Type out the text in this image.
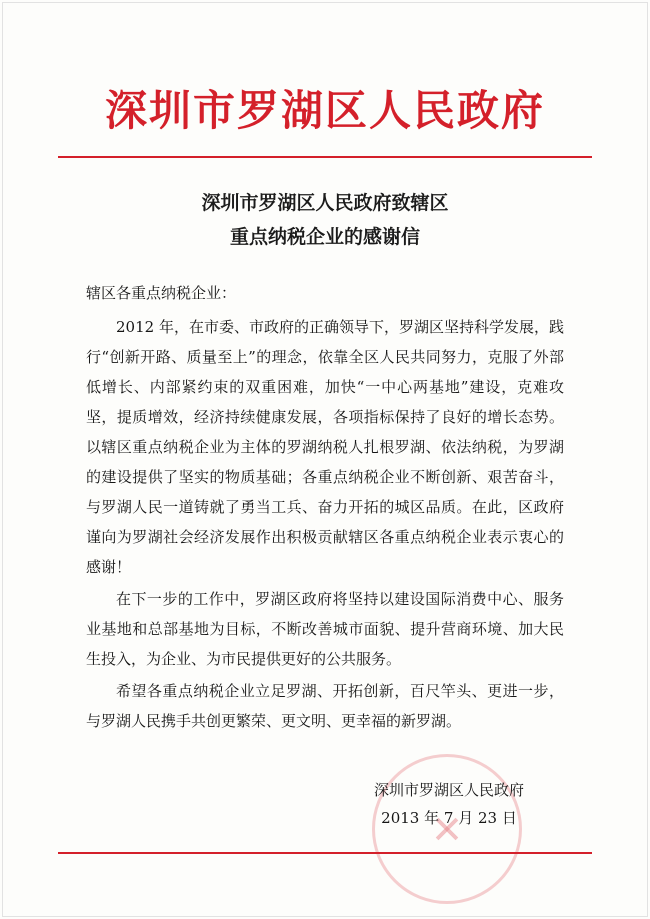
深圳市罗湖区人民政府
深圳市罗湖区人民政府致辖区
重点纳税企业的感谢信
辖区各重点纳税企业：

2012 年，在市委、市政府的正确领导下，罗湖区坚持科学发展，践行“创新开路、质量至上”的理念，依靠全区人民共同努力，克服了外部低增长、内部紧约束的双重困难，加快“一中心两基地”建设，克难攻坚，提质增效，经济持续健康发展，各项指标保持了良好的增长态势。以辖区重点纳税企业为主体的罗湖纳税人扎根罗湖、依法纳税，为罗湖的建设提供了坚实的物质基础；各重点纳税企业不断创新、艰苦奋斗，与罗湖人民一道铸就了勇当工兵、奋力开拓的城区品质。在此，区政府谨向为罗湖社会经济发展作出积极贡献辖区各重点纳税企业表示衷心的感谢！

在下一步的工作中，罗湖区政府将坚持以建设国际消费中心、服务业基地和总部基地为目标，不断改善城市面貌、提升营商环境、加大民生投入，为企业、为市民提供更好的公共服务。

希望各重点纳税企业立足罗湖、开拓创新，百尺竿头、更进一步，与罗湖人民携手共创更繁荣、更文明、更幸福的新罗湖。

深圳市罗湖区人民政府
2013 年 7 月 23 日
